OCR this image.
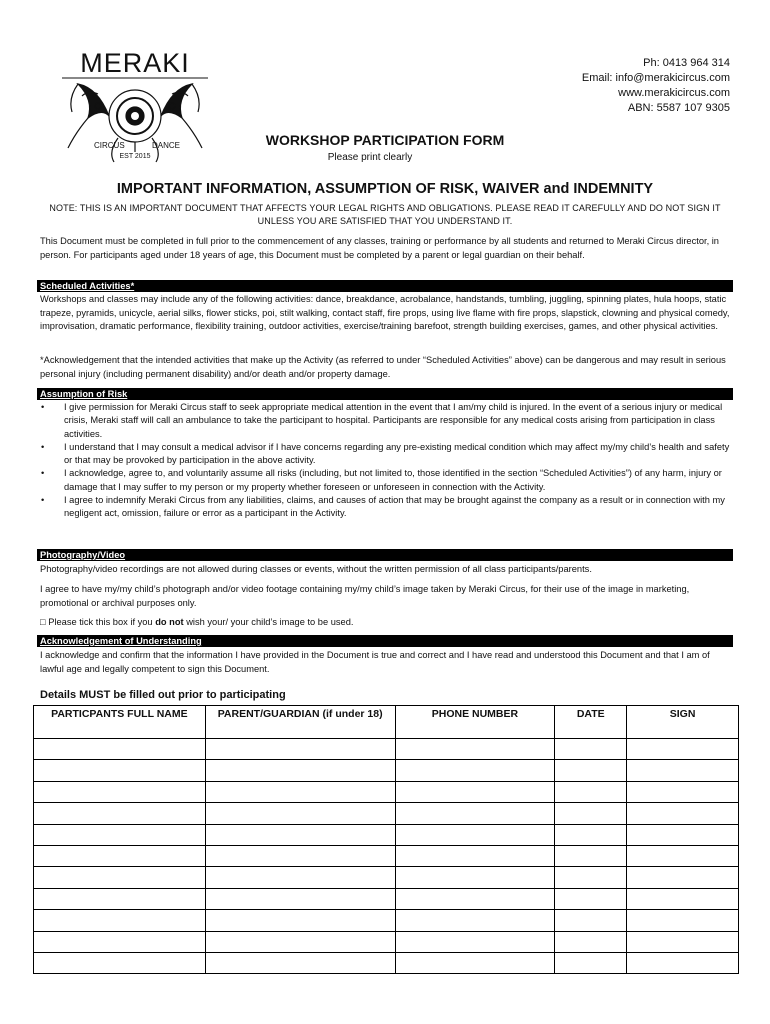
MERAKI
CIRCUS	DANCE
EST 2015
Ph: 0413 964 314
Email: info@merakicircus.com
www.merakicircus.com
ABN: 5587 107 9305
WORKSHOP PARTICIPATION FORM
Please print clearly
IMPORTANT INFORMATION, ASSUMPTION OF RISK, WAIVER and INDEMNITY
NOTE: THIS IS AN IMPORTANT DOCUMENT THAT AFFECTS YOUR LEGAL RIGHTS AND OBLIGATIONS. PLEASE READ IT CAREFULLY AND DO NOT SIGN IT UNLESS YOU ARE SATISFIED THAT YOU UNDERSTAND IT.
This Document must be completed in full prior to the commencement of any classes, training or performance by all students and returned to Meraki Circus director, in person. For participants aged under 18 years of age, this Document must be completed by a parent or legal guardian on their behalf.
Scheduled Activities*
Workshops and classes may include any of the following activities: dance, breakdance, acrobalance, handstands, tumbling, juggling, spinning plates, hula hoops, static trapeze, pyramids, unicycle, aerial silks, flower sticks, poi, stilt walking, contact staff, fire props, using live flame with fire props, slapstick, clowning and physical comedy, improvisation, dramatic performance, flexibility training, outdoor activities, exercise/training barefoot, strength building exercises, games, and other physical activities.
*Acknowledgement that the intended activities that make up the Activity (as referred to under “Scheduled Activities” above) can be dangerous and may result in serious personal injury (including permanent disability) and/or death and/or property damage.
Assumption of Risk
• I give permission for Meraki Circus staff to seek appropriate medical attention in the event that I am/my child is injured. In the event of a serious injury or medical crisis, Meraki staff will call an ambulance to take the participant to hospital. Participants are responsible for any medical costs arising from participation in class activities.
• I understand that I may consult a medical advisor if I have concerns regarding any pre-existing medical condition which may affect my/my child’s health and safety or that may be provoked by participation in the above activity.
• I acknowledge, agree to, and voluntarily assume all risks (including, but not limited to, those identified in the section “Scheduled Activities”) of any harm, injury or damage that I may suffer to my person or my property whether foreseen or unforeseen in connection with the Activity.
• I agree to indemnify Meraki Circus from any liabilities, claims, and causes of action that may be brought against the company as a result or in connection with my negligent act, omission, failure or error as a participant in the Activity.
Photography/Video
Photography/video recordings are not allowed during classes or events, without the written permission of all class participants/parents.
I agree to have my/my child’s photograph and/or video footage containing my/my child’s image taken by Meraki Circus, for their use of the image in marketing, promotional or archival purposes only.
□ Please tick this box if you do not wish your/ your child’s image to be used.
Acknowledgement of Understanding
I acknowledge and confirm that the information I have provided in the Document is true and correct and I have read and understood this Document and that I am of lawful age and legally competent to sign this Document.
Details MUST be filled out prior to participating
PARTICPANTS FULL NAME	PARENT/GUARDIAN (if under 18)	PHONE NUMBER	DATE	SIGN
